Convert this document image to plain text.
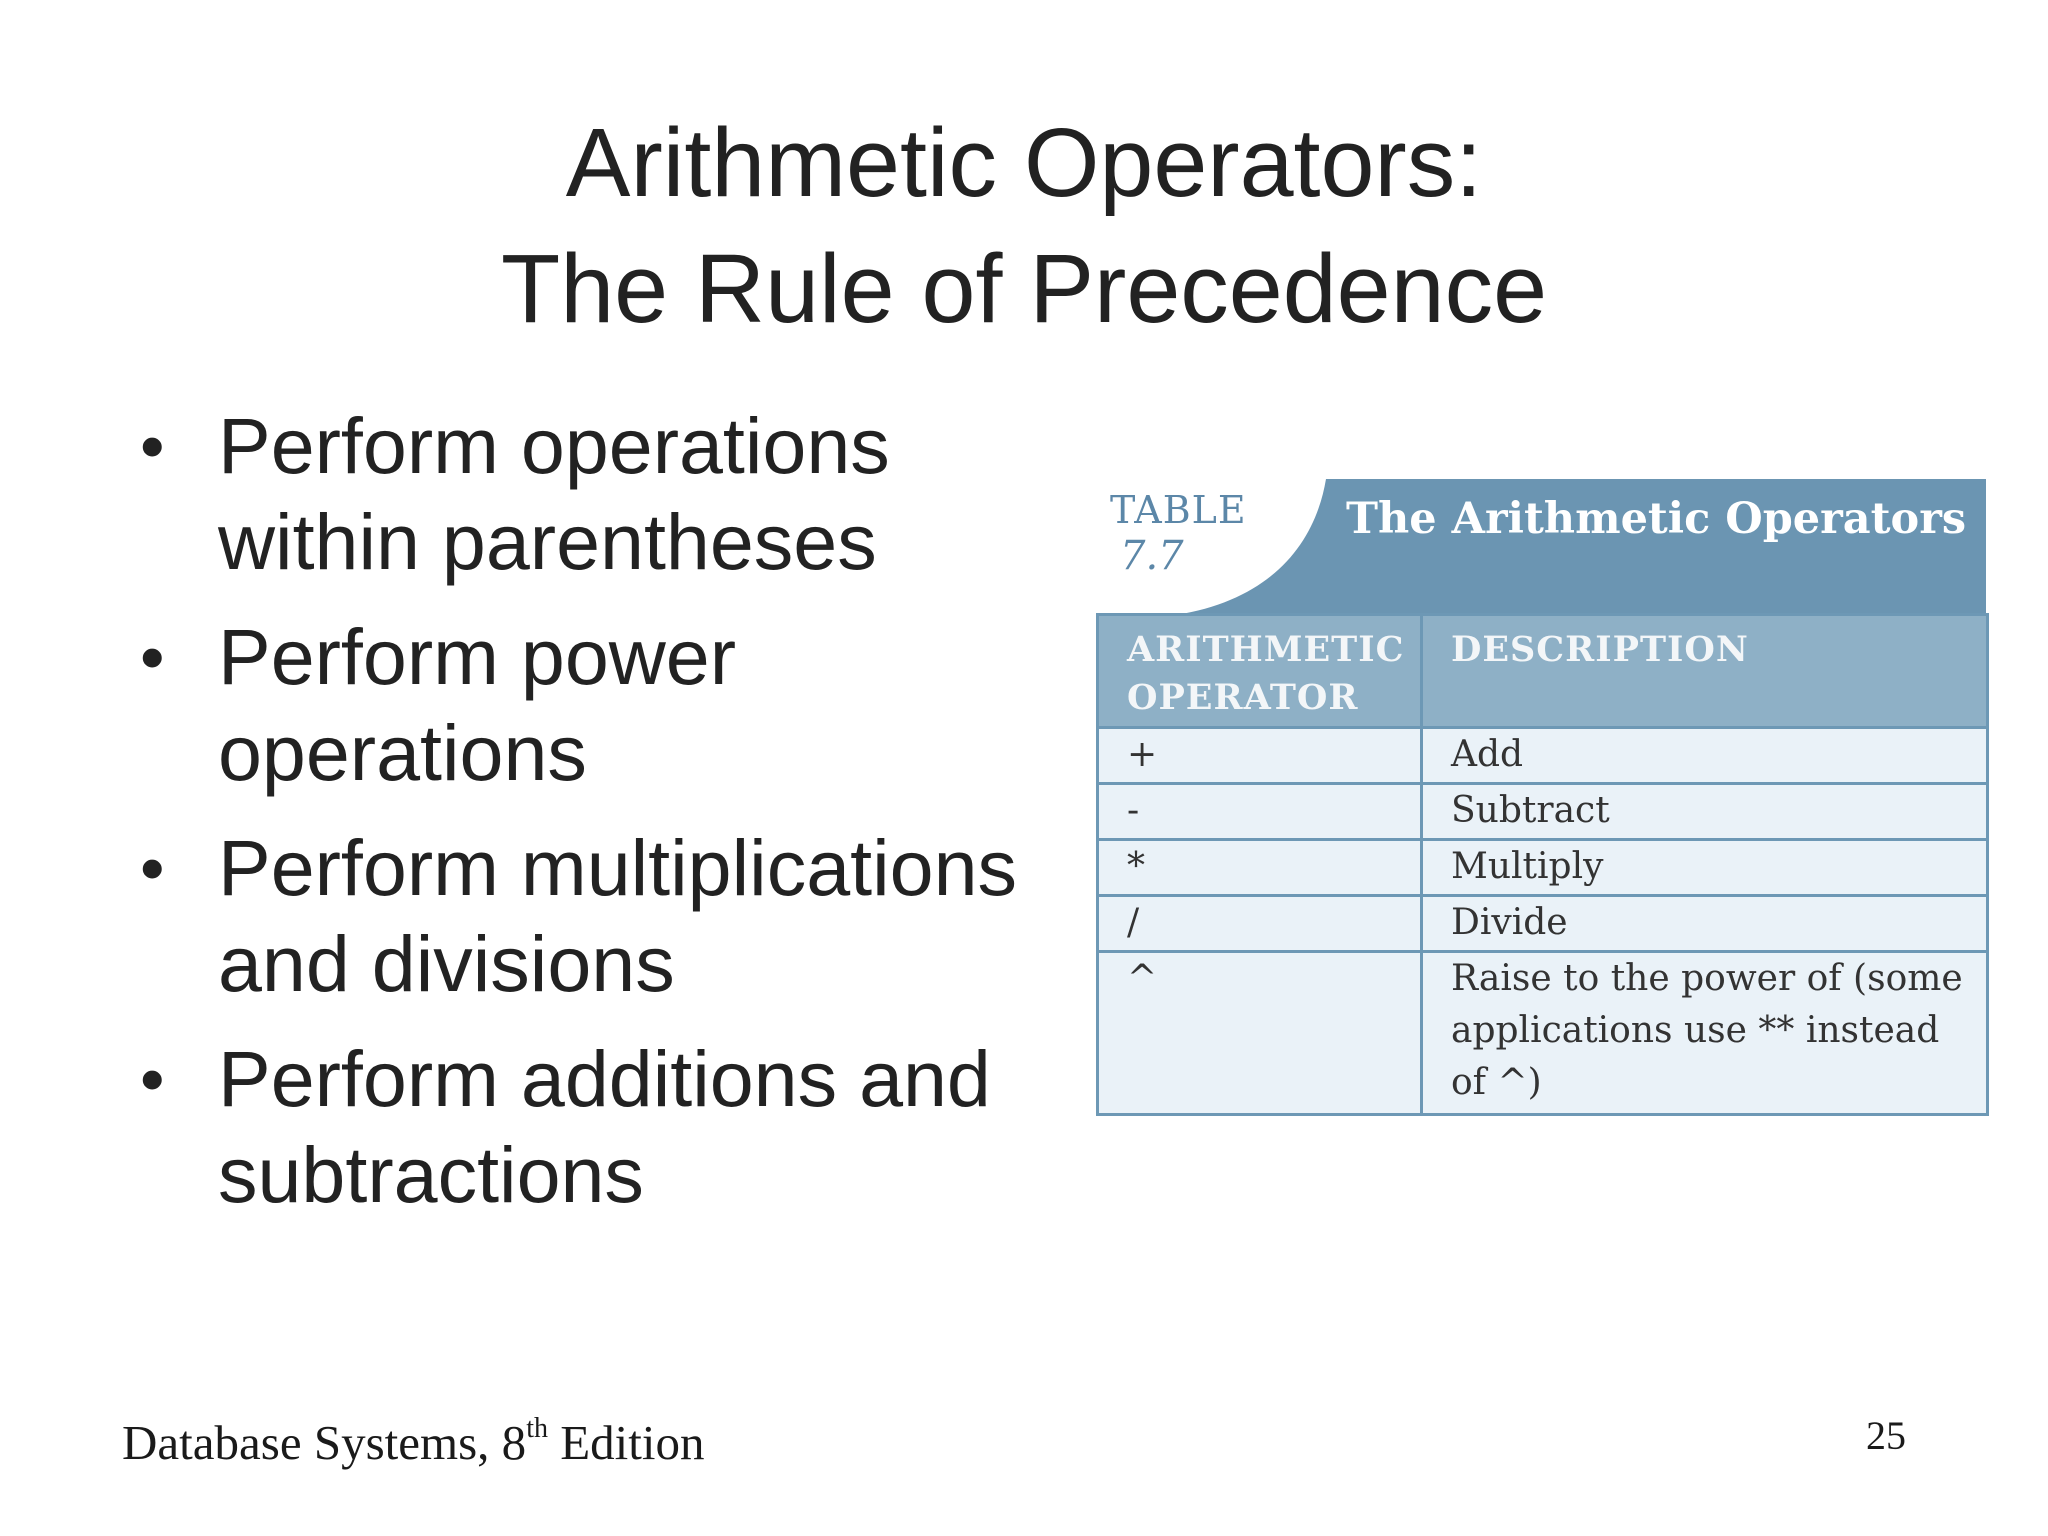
Arithmetic Operators:
The Rule of Precedence
• Perform operations
within parentheses
• Perform power
operations
• Perform multiplications
and divisions
• Perform additions and
subtractions
TABLE
7.7
The Arithmetic Operators
ARITHMETIC OPERATOR	DESCRIPTION
+	Add
-	Subtract
*	Multiply
/	Divide
^	Raise to the power of (some applications use ** instead of ^)
Database Systems, 8th Edition	25
